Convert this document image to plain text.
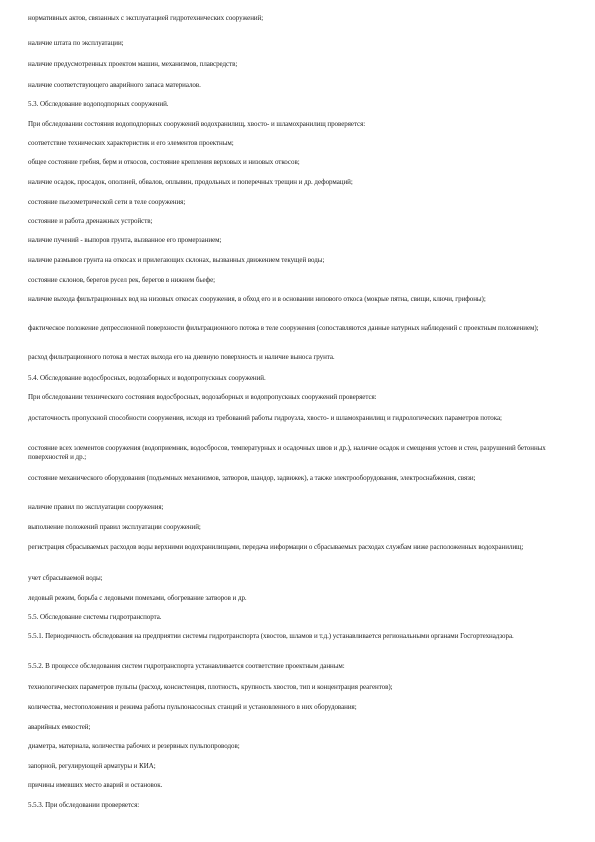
нормативных актов, связанных с эксплуатацией гидротехнических сооружений;
наличие штата по эксплуатации;
наличие предусмотренных проектом машин, механизмов, плавсредств;
наличие соответствующего аварийного запаса материалов.
5.3. Обследование водоподпорных сооружений.
При обследовании состояния водоподпорных сооружений водохранилищ, хвосто- и шламохранилищ проверяется:
соответствие технических характеристик и его элементов проектным;
общее состояние гребня, берм и откосов, состояние крепления верховых и низовых откосов;
наличие осадок, просадок, оползней, обвалов, оплывин, продольных и поперечных трещин и др. деформаций;
состояние пьезометрической сети в теле сооружения;
состояние и работа дренажных устройств;
наличие пучений - выпоров грунта, вызванное его промерзанием;
наличие размывов грунта на откосах и прилегающих склонах, вызванных движением текущей воды;
состояние склонов, берегов русел рек, берегов в нижнем бьефе;
наличие выхода фильтрационных вод на низовых откосах сооружения, в обход его и в основании низового откоса (мокрые пятна, свищи, ключи, грифоны);
фактическое положение депрессионной поверхности фильтрационного потока в теле сооружения (сопоставляются данные натурных наблюдений с проектным положением);
расход фильтрационного потока в местах выхода его на дневную поверхность и наличие выноса грунта.
5.4. Обследование водосбросных, водозаборных и водопропускных сооружений.
При обследовании технического состояния водосбросных, водозаборных и водопропускных сооружений проверяется:
достаточность пропускной способности сооружения, исходя из требований работы гидроузла, хвосто- и шламохранилищ и гидрологических параметров потока;
состояние всех элементов сооружения (водоприемник, водосбросов, температурных и осадочных швов и др.), наличие осадок и смещения устоев и стен, разрушений бетонных поверхностей и др.;
состояние механического оборудования (подъемных механизмов, затворов, шандор, задвижек), а также электрооборудования, электроснабжения, связи;
наличие правил по эксплуатации сооружения;
выполнение положений правил эксплуатации сооружений;
регистрация сбрасываемых расходов воды верхними водохранилищами, передача информации о сбрасываемых расходах службам ниже расположенных водохранилищ;
учет сбрасываемой воды;
ледовый режим, борьба с ледовыми помехами, обогревание затворов и др.
5.5. Обследование системы гидротранспорта.
5.5.1. Периодичность обследования на предприятии системы гидротранспорта (хвостов, шламов и т.д.) устанавливается региональными органами Госгортехнадзора.
5.5.2. В процессе обследования систем гидротранспорта устанавливается соответствие проектным данным:
технологических параметров пульпы (расход, консистенция, плотность, крупность хвостов, тип и концентрация реагентов);
количества, местоположения и режима работы пульпонасосных станций и установленного в них оборудования;
аварийных емкостей;
диаметра, материала, количества рабочих и резервных пульпопроводов;
запорной, регулирующей арматуры и КИА;
причины имевших место аварий и остановок.
5.5.3. При обследовании проверяется:
